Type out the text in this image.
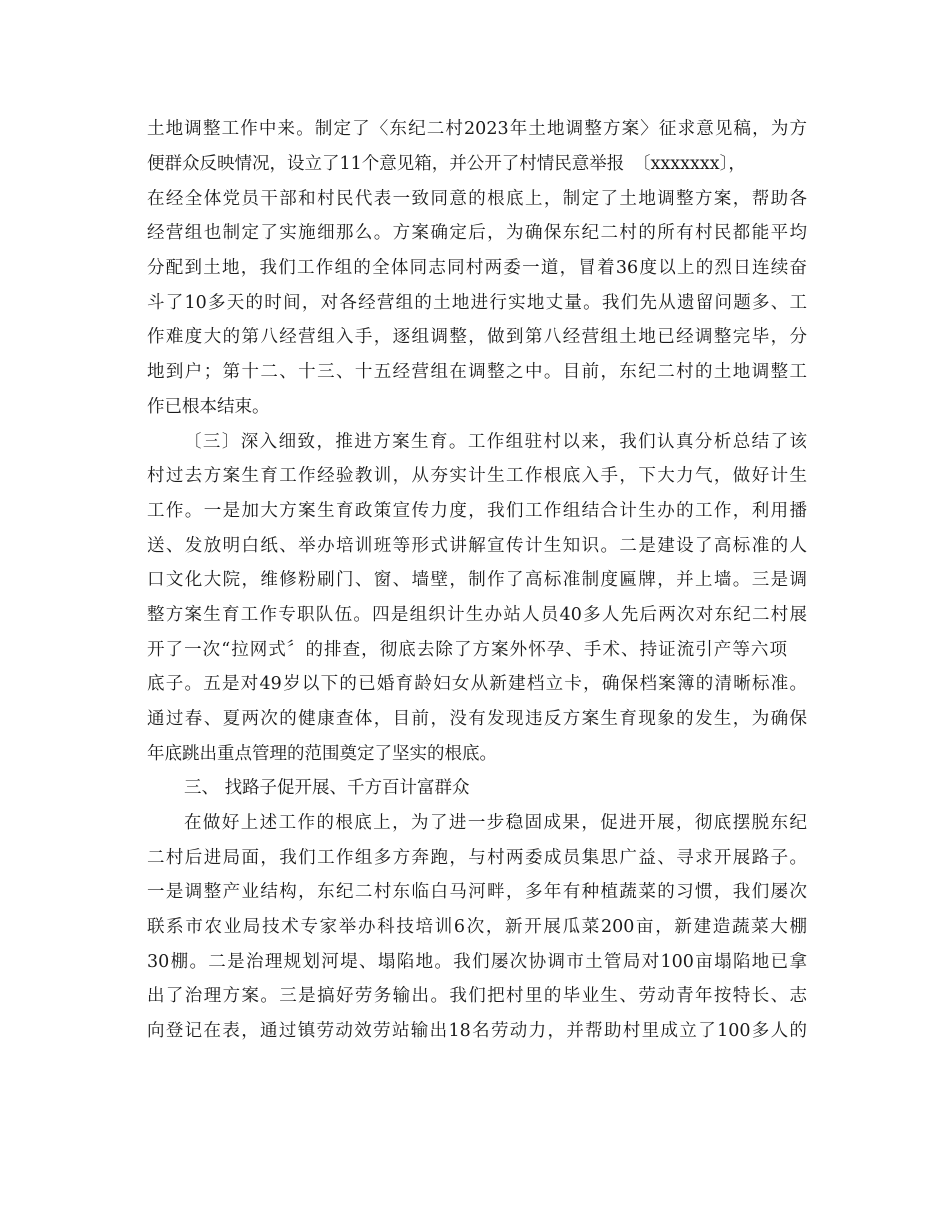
土地调整工作中来。制定了〈东纪二村2023年土地调整方案〉征求意见稿，为方
便群众反映情况，设立了11个意见箱，并公开了村情民意举报　〔xxxxxxx〕，
在经全体党员干部和村民代表一致同意的根底上，制定了土地调整方案，帮助各
经营组也制定了实施细那么。方案确定后，为确保东纪二村的所有村民都能平均
分配到土地，我们工作组的全体同志同村两委一道，冒着36度以上的烈日连续奋
斗了10多天的时间，对各经营组的土地进行实地丈量。我们先从遗留问题多、工
作难度大的第八经营组入手，逐组调整，做到第八经营组土地已经调整完毕，分
地到户；第十二、十三、十五经营组在调整之中。目前，东纪二村的土地调整工
作已根本结束。
〔三〕深入细致，推进方案生育。工作组驻村以来，我们认真分析总结了该
村过去方案生育工作经验教训，从夯实计生工作根底入手，下大力气，做好计生
工作。一是加大方案生育政策宣传力度，我们工作组结合计生办的工作，利用播
送、发放明白纸、举办培训班等形式讲解宣传计生知识。二是建设了高标准的人
口文化大院，维修粉刷门、窗、墙壁，制作了高标准制度匾牌，并上墙。三是调
整方案生育工作专职队伍。四是组织计生办站人员40多人先后两次对东纪二村展
开了一次“拉网式〞的排查，彻底去除了方案外怀孕、手术、持证流引产等六项
底子。五是对49岁以下的已婚育龄妇女从新建档立卡，确保档案簿的清晰标准。
通过春、夏两次的健康查体，目前，没有发现违反方案生育现象的发生，为确保
年底跳出重点管理的范围奠定了坚实的根底。
三、 找路子促开展、千方百计富群众
在做好上述工作的根底上，为了进一步稳固成果，促进开展，彻底摆脱东纪
二村后进局面，我们工作组多方奔跑，与村两委成员集思广益、寻求开展路子。
一是调整产业结构，东纪二村东临白马河畔，多年有种植蔬菜的习惯，我们屡次
联系市农业局技术专家举办科技培训6次，新开展瓜菜200亩，新建造蔬菜大棚
30棚。二是治理规划河堤、塌陷地。我们屡次协调市土管局对100亩塌陷地已拿
出了治理方案。三是搞好劳务输出。我们把村里的毕业生、劳动青年按特长、志
向登记在表，通过镇劳动效劳站输出18名劳动力，并帮助村里成立了100多人的
